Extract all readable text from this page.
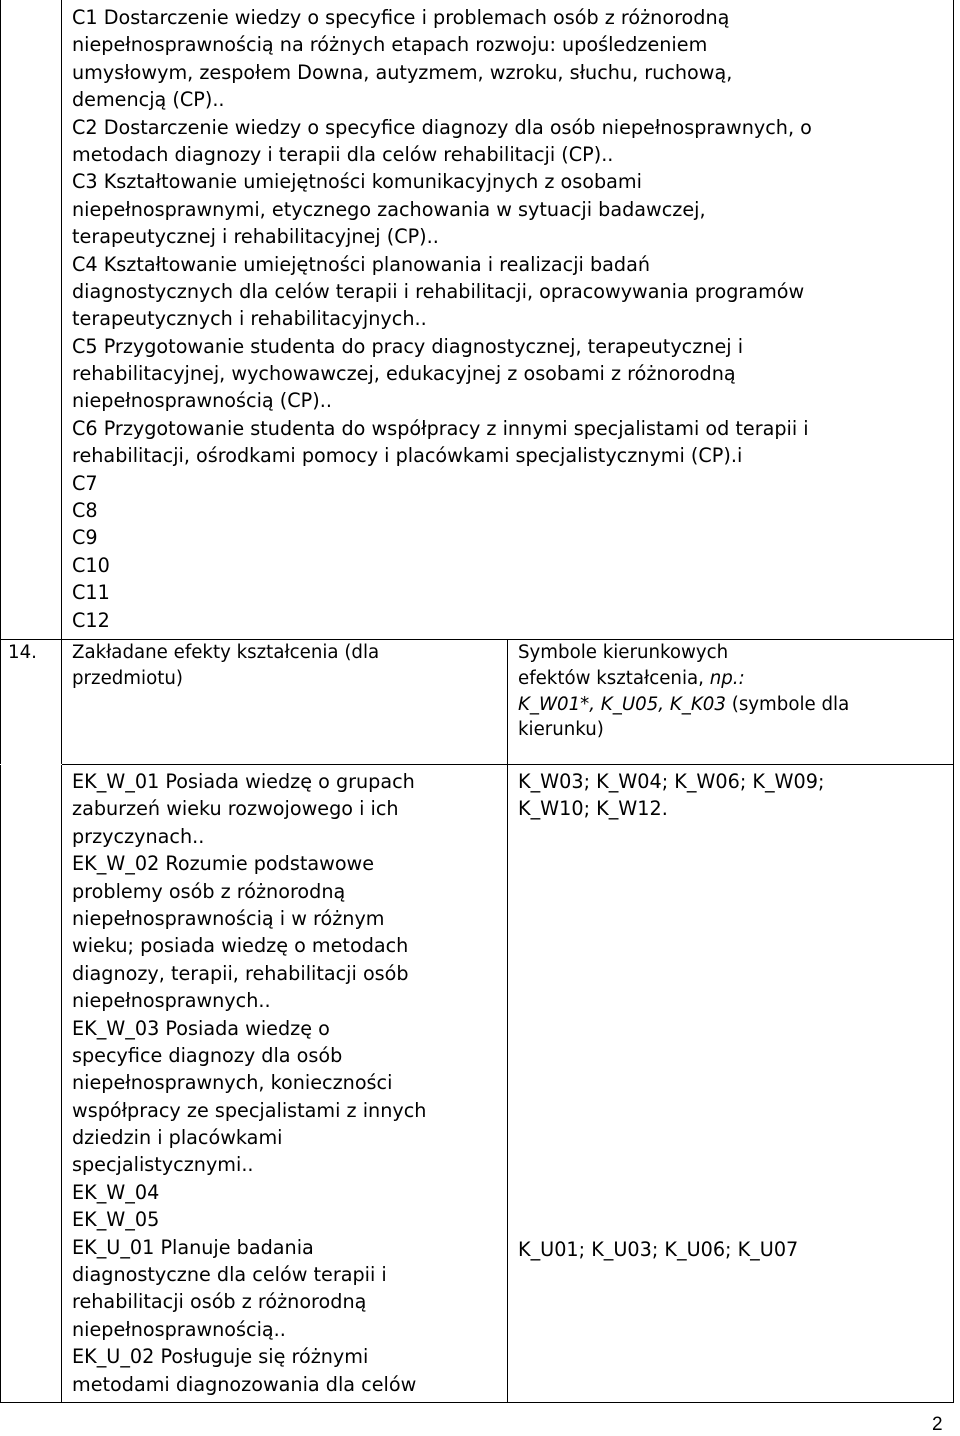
C1 Dostarczenie wiedzy o specyfice i problemach osób z różnorodną
niepełnosprawnością na różnych etapach rozwoju: upośledzeniem
umysłowym, zespołem Downa, autyzmem, wzroku, słuchu, ruchową,
demencją (CP)..
C2 Dostarczenie wiedzy o specyfice diagnozy dla osób niepełnosprawnych, o
metodach diagnozy i terapii dla celów rehabilitacji (CP)..
C3 Kształtowanie umiejętności komunikacyjnych z osobami
niepełnosprawnymi, etycznego zachowania w sytuacji badawczej,
terapeutycznej i rehabilitacyjnej (CP)..
C4 Kształtowanie umiejętności planowania i realizacji badań
diagnostycznych dla celów terapii i rehabilitacji, opracowywania programów
terapeutycznych i rehabilitacyjnych..
C5 Przygotowanie studenta do pracy diagnostycznej, terapeutycznej i
rehabilitacyjnej, wychowawczej, edukacyjnej z osobami z różnorodną
niepełnosprawnością (CP)..
C6 Przygotowanie studenta do współpracy z innymi specjalistami od terapii i
rehabilitacji, ośrodkami pomocy i placówkami specjalistycznymi (CP).i
C7
C8
C9
C10
C11
C12
14. Zakładane efekty kształcenia (dla
przedmiotu)
Symbole kierunkowych
efektów kształcenia, np.:
K_W01*, K_U05, K_K03 (symbole dla
kierunku)
EK_W_01 Posiada wiedzę o grupach
zaburzeń wieku rozwojowego i ich
przyczynach..
EK_W_02 Rozumie podstawowe
problemy osób z różnorodną
niepełnosprawnością i w różnym
wieku; posiada wiedzę o metodach
diagnozy, terapii, rehabilitacji osób
niepełnosprawnych..
EK_W_03 Posiada wiedzę o
specyfice diagnozy dla osób
niepełnosprawnych, konieczności
współpracy ze specjalistami z innych
dziedzin i placówkami
specjalistycznymi..
EK_W_04
EK_W_05
EK_U_01 Planuje badania
diagnostyczne dla celów terapii i
rehabilitacji osób z różnorodną
niepełnosprawnością..
EK_U_02 Posługuje się różnymi
metodami diagnozowania dla celów
K_W03; K_W04; K_W06; K_W09;
K_W10; K_W12.
K_U01; K_U03; K_U06; K_U07
2
